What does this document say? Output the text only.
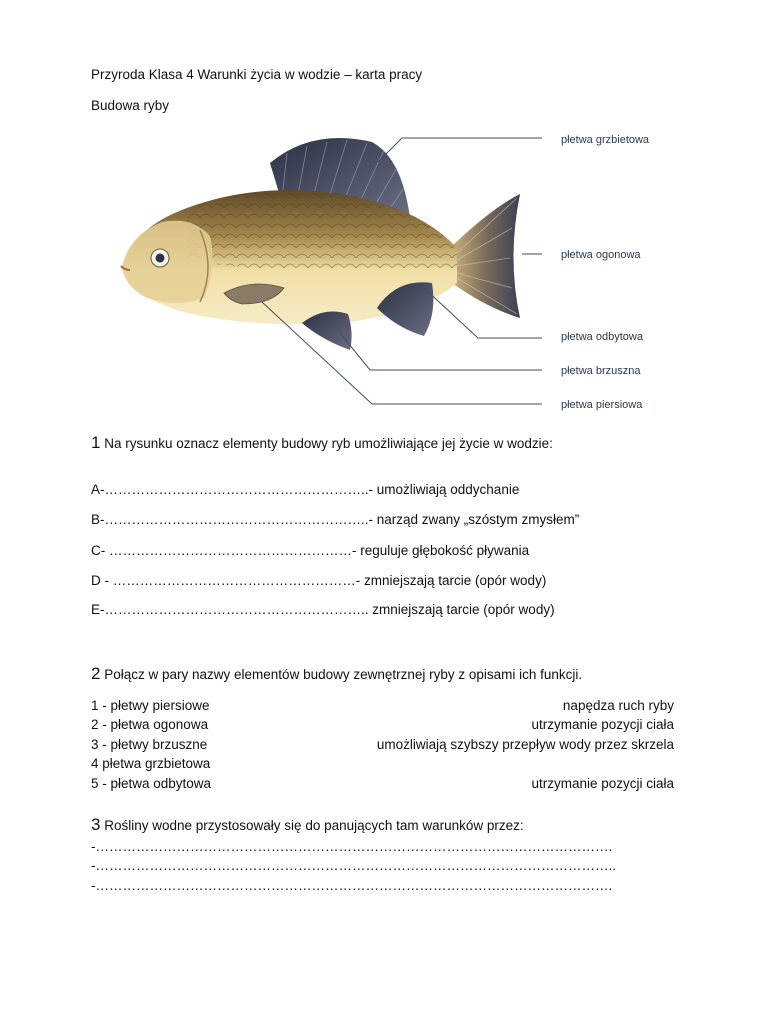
Przyroda Klasa 4 Warunki życia w wodzie – karta pracy
Budowa ryby
płetwa grzbietowa
płetwa ogonowa
płetwa odbytowa
płetwa brzuszna
płetwa piersiowa
1 Na rysunku oznacz elementy budowy ryb umożliwiające jej życie w wodzie:
A-…………………………………………………..- umożliwiają oddychanie
B-…………………………………………………..- narząd zwany „szóstym zmysłem”
C- ………………………………………………- reguluje głębokość pływania
D - ………………………………………………- zmniejszają tarcie (opór wody)
E-………………………………………………….. zmniejszają tarcie (opór wody)
2 Połącz w pary nazwy elementów budowy zewnętrznej ryby z opisami ich funkcji.
1 - płetwy piersiowe
2 - płetwa ogonowa
3 - płetwy brzuszne
4 płetwa grzbietowa
5 - płetwa odbytowa
napędza ruch ryby
utrzymanie pozycji ciała
umożliwiają szybszy przepływ wody przez skrzela
utrzymanie pozycji ciała
3 Rośliny wodne przystosowały się do panujących tam warunków przez:
-…………………………………………………………………………………………………….
-……………………………………………………………………………………………………..
-…………………………………………………………………………………………………….
